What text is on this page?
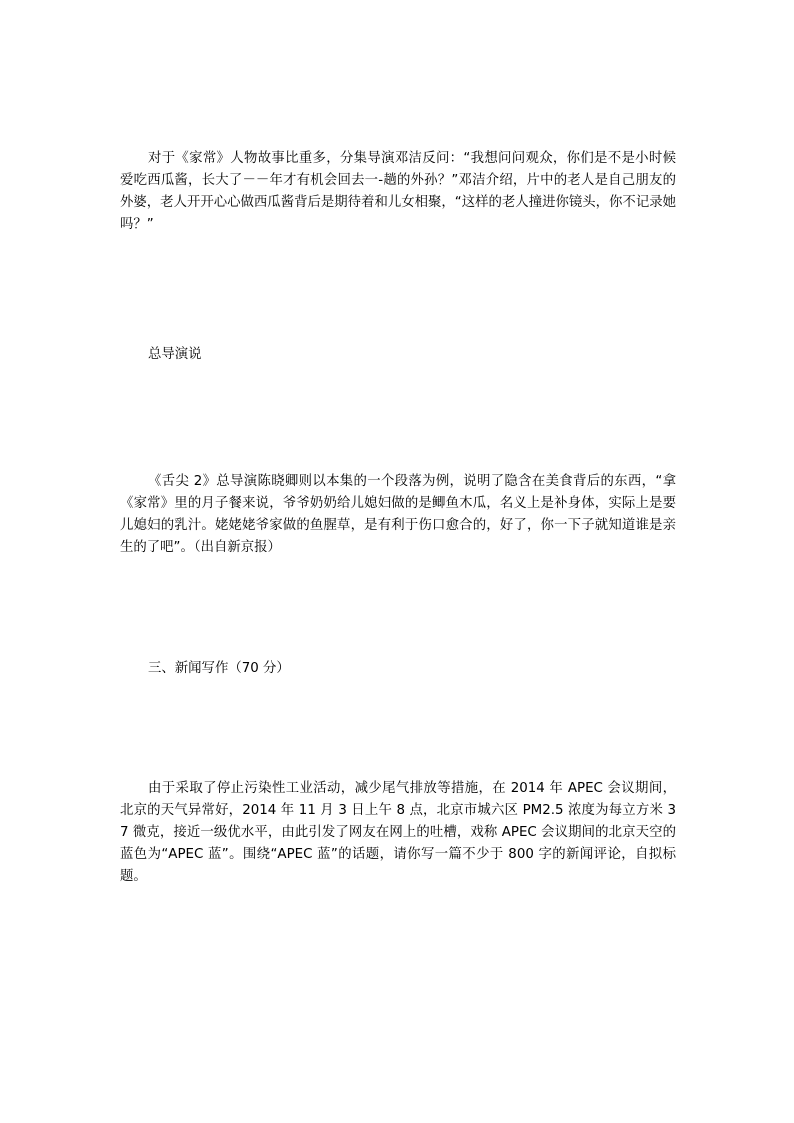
对于《家常》人物故事比重多，分集导演邓洁反问：“我想问问观众，你们是不是小时候爱吃西瓜酱，长大了－－年才有机会回去一-趟的外孙？”邓洁介绍，片中的老人是自己朋友的外婆，老人开开心心做西瓜酱背后是期待着和儿女相聚，“这样的老人撞进你镜头，你不记录她吗？”

总导演说

《舌尖 2》总导演陈晓卿则以本集的一个段落为例，说明了隐含在美食背后的东西，“拿《家常》里的月子餐来说，爷爷奶奶给儿媳妇做的是鲫鱼木瓜，名义上是补身体，实际上是要儿媳妇的乳汁。姥姥姥爷家做的鱼腥草，是有利于伤口愈合的，好了，你一下子就知道谁是亲生的了吧”。（出自新京报）

三、新闻写作（70 分）

由于采取了停止污染性工业活动，减少尾气排放等措施，在 2014 年 APEC 会议期间，北京的天气异常好，2014 年 11 月 3 日上午 8 点，北京市城六区 PM2.5 浓度为每立方米 37 微克，接近一级优水平，由此引发了网友在网上的吐槽，戏称 APEC 会议期间的北京天空的蓝色为“APEC 蓝”。围绕“APEC 蓝”的话题，请你写一篇不少于 800 字的新闻评论，自拟标题。
